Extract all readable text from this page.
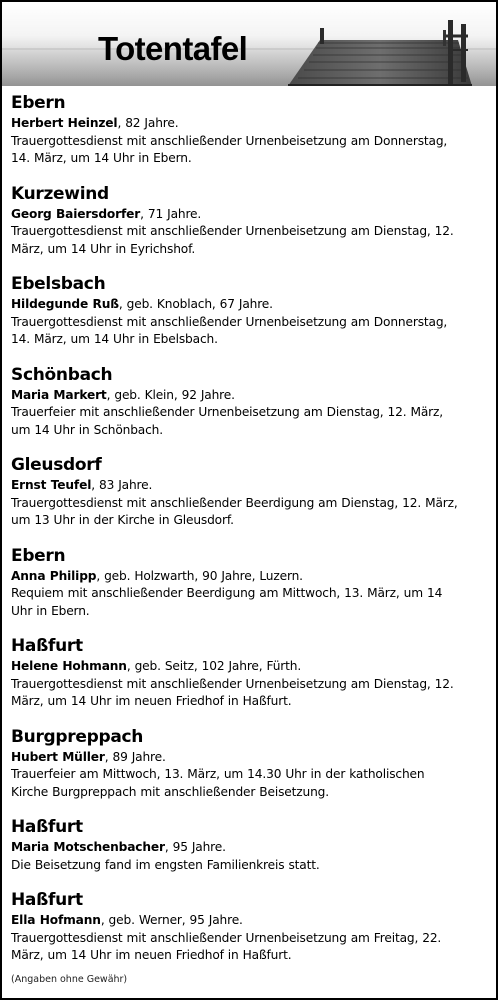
Totentafel
Ebern
Herbert Heinzel, 82 Jahre.
Trauergottesdienst mit anschließender Urnenbeisetzung am Donnerstag,
14. März, um 14 Uhr in Ebern.
Kurzewind
Georg Baiersdorfer, 71 Jahre.
Trauergottesdienst mit anschließender Urnenbeisetzung am Dienstag, 12.
März, um 14 Uhr in Eyrichshof.
Ebelsbach
Hildegunde Ruß, geb. Knoblach, 67 Jahre.
Trauergottesdienst mit anschließender Urnenbeisetzung am Donnerstag,
14. März, um 14 Uhr in Ebelsbach.
Schönbach
Maria Markert, geb. Klein, 92 Jahre.
Trauerfeier mit anschließender Urnenbeisetzung am Dienstag, 12. März,
um 14 Uhr in Schönbach.
Gleusdorf
Ernst Teufel, 83 Jahre.
Trauergottesdienst mit anschließender Beerdigung am Dienstag, 12. März,
um 13 Uhr in der Kirche in Gleusdorf.
Ebern
Anna Philipp, geb. Holzwarth, 90 Jahre, Luzern.
Requiem mit anschließender Beerdigung am Mittwoch, 13. März, um 14
Uhr in Ebern.
Haßfurt
Helene Hohmann, geb. Seitz, 102 Jahre, Fürth.
Trauergottesdienst mit anschließender Urnenbeisetzung am Dienstag, 12.
März, um 14 Uhr im neuen Friedhof in Haßfurt.
Burgpreppach
Hubert Müller, 89 Jahre.
Trauerfeier am Mittwoch, 13. März, um 14.30 Uhr in der katholischen
Kirche Burgpreppach mit anschließender Beisetzung.
Haßfurt
Maria Motschenbacher, 95 Jahre.
Die Beisetzung fand im engsten Familienkreis statt.
Haßfurt
Ella Hofmann, geb. Werner, 95 Jahre.
Trauergottesdienst mit anschließender Urnenbeisetzung am Freitag, 22.
März, um 14 Uhr im neuen Friedhof in Haßfurt.
(Angaben ohne Gewähr)
